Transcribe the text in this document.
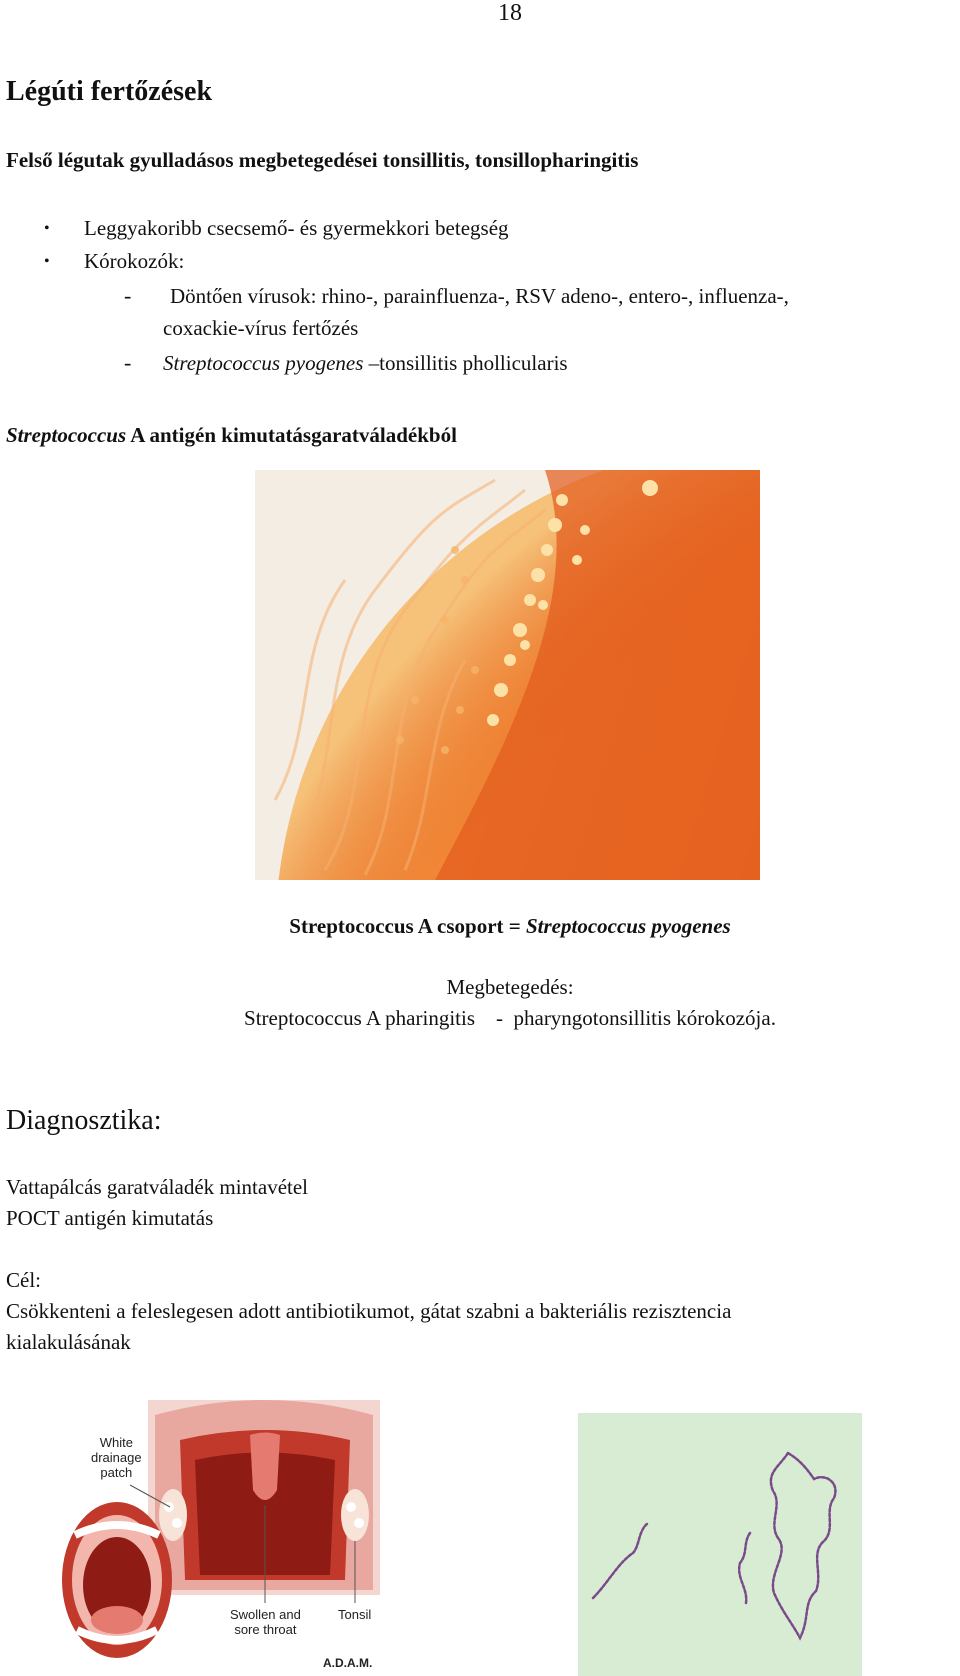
18
Légúti fertőzések
Felső légutak gyulladásos megbetegedései tonsillitis, tonsillopharingitis
• Leggyakoribb csecsemő- és gyermekkori betegség
• Kórokozók:
- Döntően vírusok: rhino-, parainfluenza-, RSV adeno-, entero-, influenza-,
coxackie-vírus fertőzés
- Streptococcus pyogenes –tonsillitis phollicularis
Streptococcus A antigén kimutatásgaratváladékból
Streptococcus A csoport = Streptococcus pyogenes
Megbetegedés:
Streptococcus A pharingitis    -  pharyngotonsillitis kórokozója.
Diagnosztika:
Vattapálcás garatváladék mintavétel
POCT antigén kimutatás
Cél:
Csökkenteni a feleslegesen adott antibiotikumot, gátat szabni a bakteriális rezisztencia
kialakulásának
White
drainage
patch
Swollen and
sore throat
Tonsil
A.D.A.M.
